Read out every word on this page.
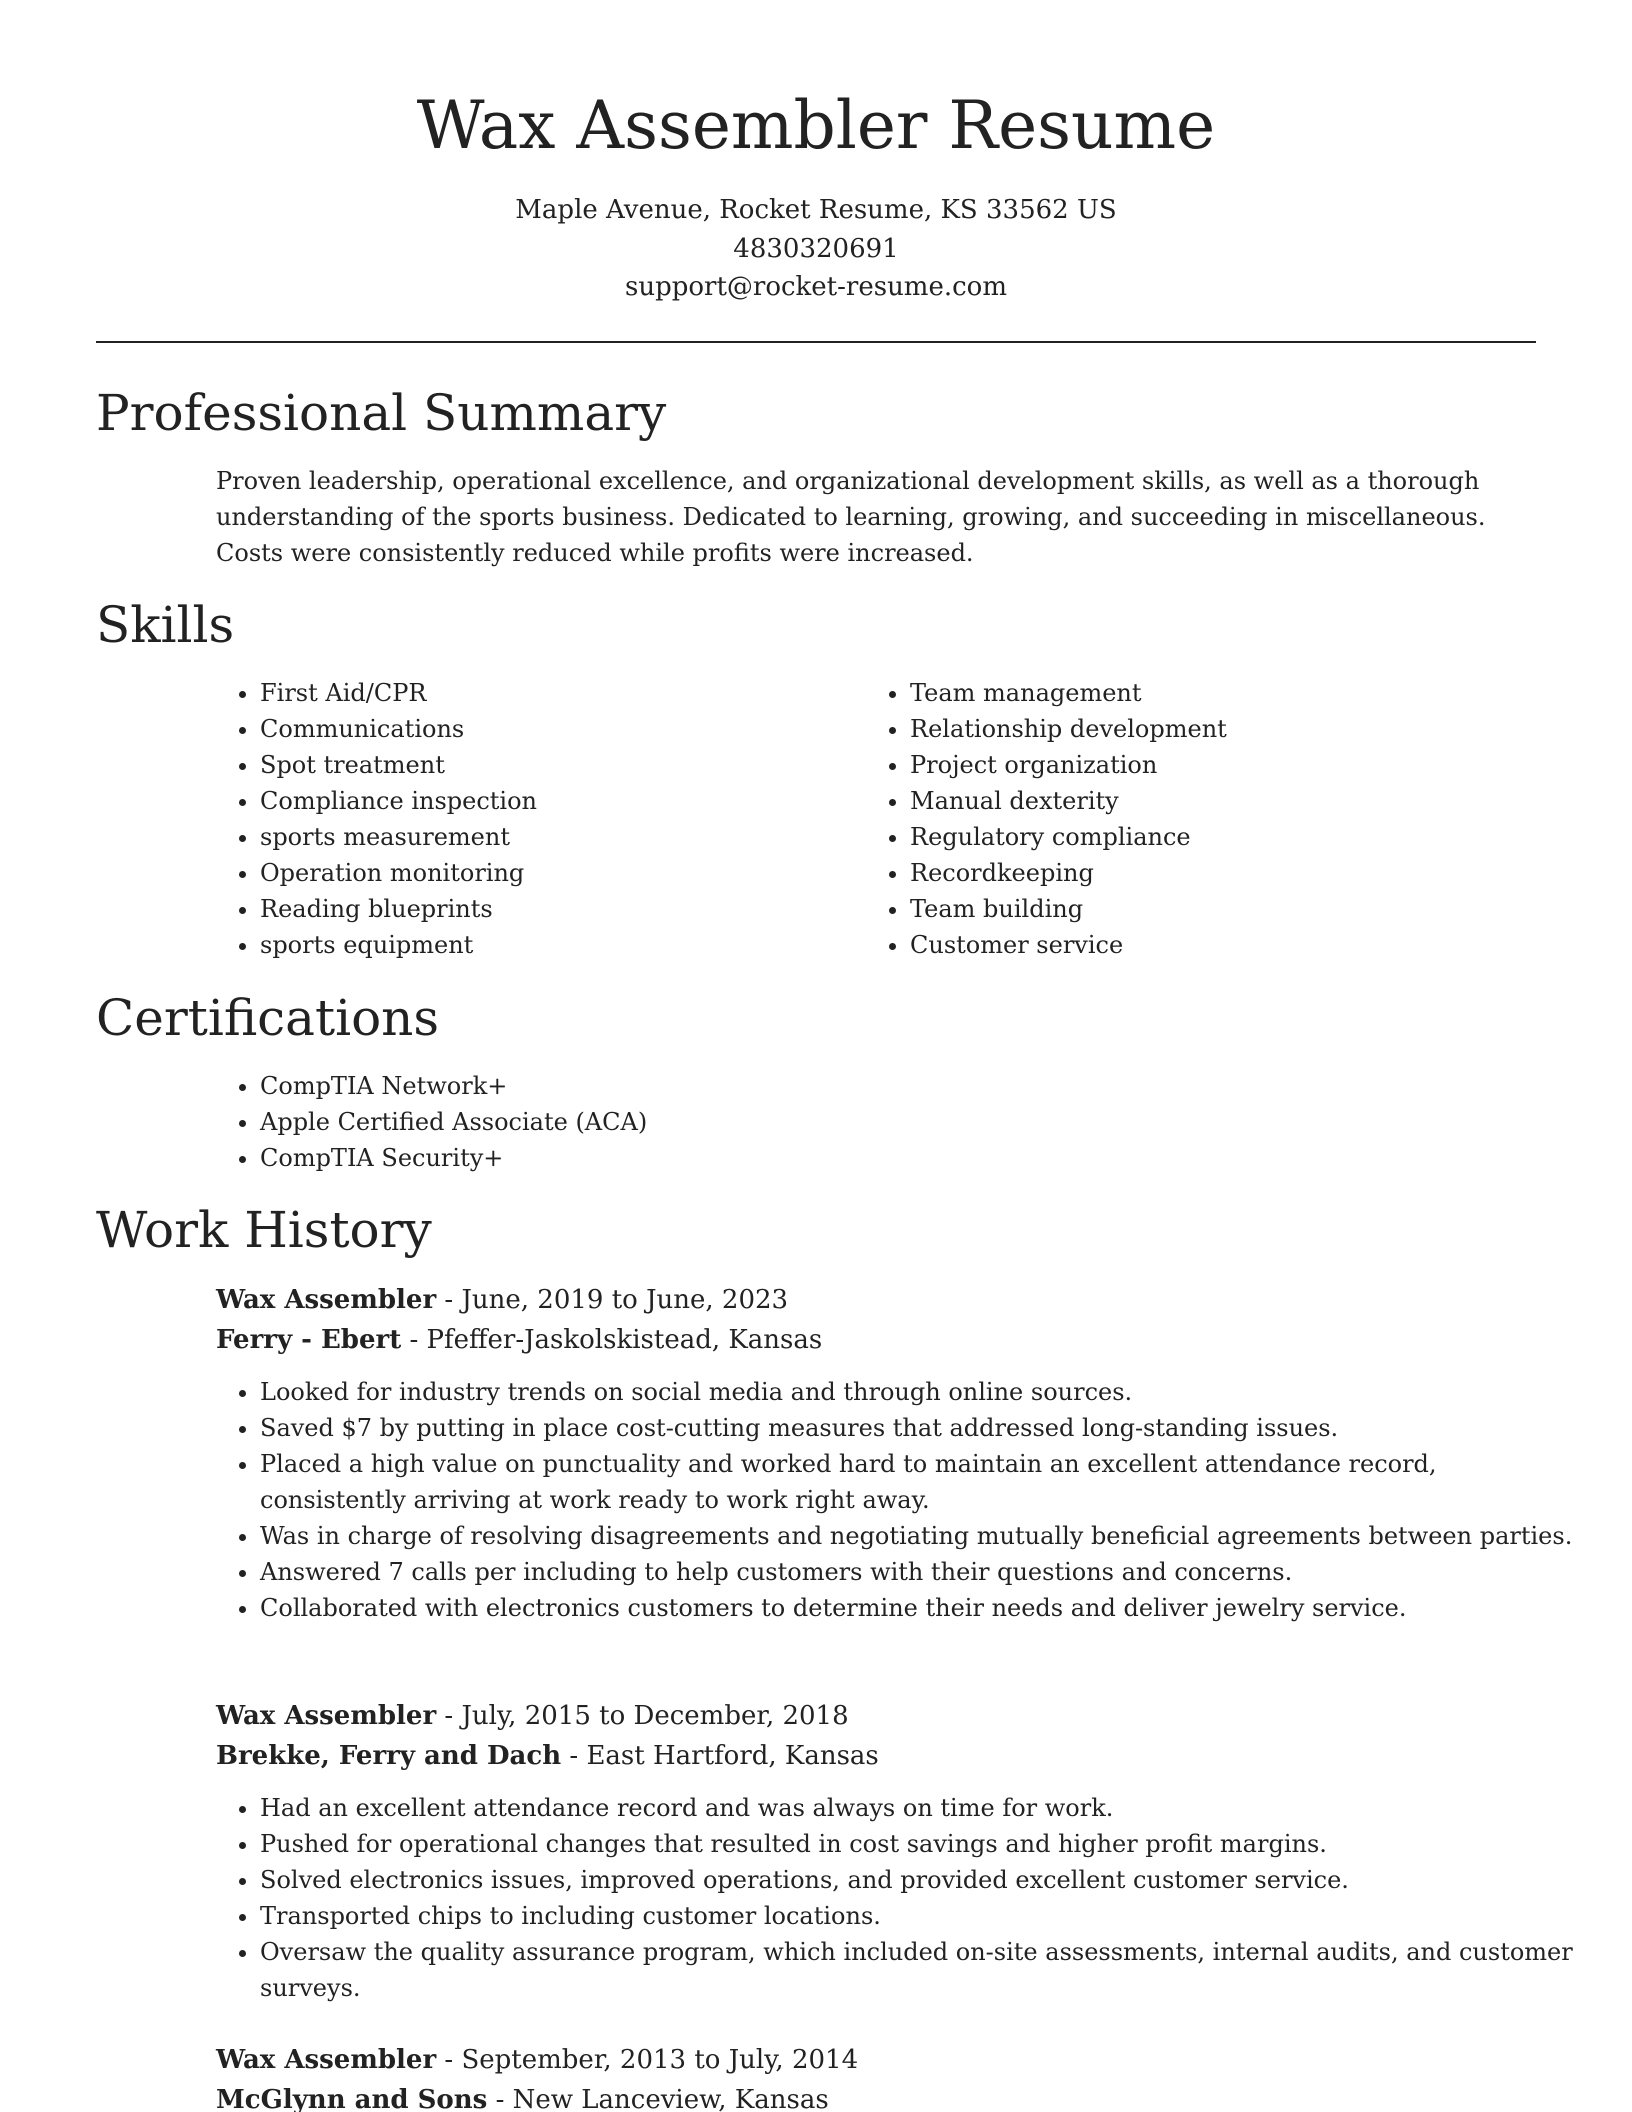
Wax Assembler Resume

Maple Avenue, Rocket Resume, KS 33562 US

4830320691

support@rocket-resume.com

Professional Summary

Proven leadership, operational excellence, and organizational development skills, as well as a thorough understanding of the sports business. Dedicated to learning, growing, and succeeding in miscellaneous. Costs were consistently reduced while profits were increased.

Skills
• First Aid/CPR
• Communications
• Spot treatment
• Compliance inspection
• sports measurement
• Operation monitoring
• Reading blueprints
• sports equipment
• Team management
• Relationship development
• Project organization
• Manual dexterity
• Regulatory compliance
• Recordkeeping
• Team building
• Customer service
Certifications
• CompTIA Network+
• Apple Certified Associate (ACA)
• CompTIA Security+
Work History

Wax Assembler - June, 2019 to June, 2023

Ferry - Ebert - Pfeffer-Jaskolskistead, Kansas

• Looked for industry trends on social media and through online sources.
• Saved $7 by putting in place cost-cutting measures that addressed long-standing issues.
• Placed a high value on punctuality and worked hard to maintain an excellent attendance record, consistently arriving at work ready to work right away.
• Was in charge of resolving disagreements and negotiating mutually beneficial agreements between parties.
• Answered 7 calls per including to help customers with their questions and concerns.
• Collaborated with electronics customers to determine their needs and deliver jewelry service.

Wax Assembler - July, 2015 to December, 2018

Brekke, Ferry and Dach - East Hartford, Kansas

• Had an excellent attendance record and was always on time for work.
• Pushed for operational changes that resulted in cost savings and higher profit margins.
• Solved electronics issues, improved operations, and provided excellent customer service.
• Transported chips to including customer locations.
• Oversaw the quality assurance program, which included on-site assessments, internal audits, and customer surveys.

Wax Assembler - September, 2013 to July, 2014

McGlynn and Sons - New Lanceview, Kansas
